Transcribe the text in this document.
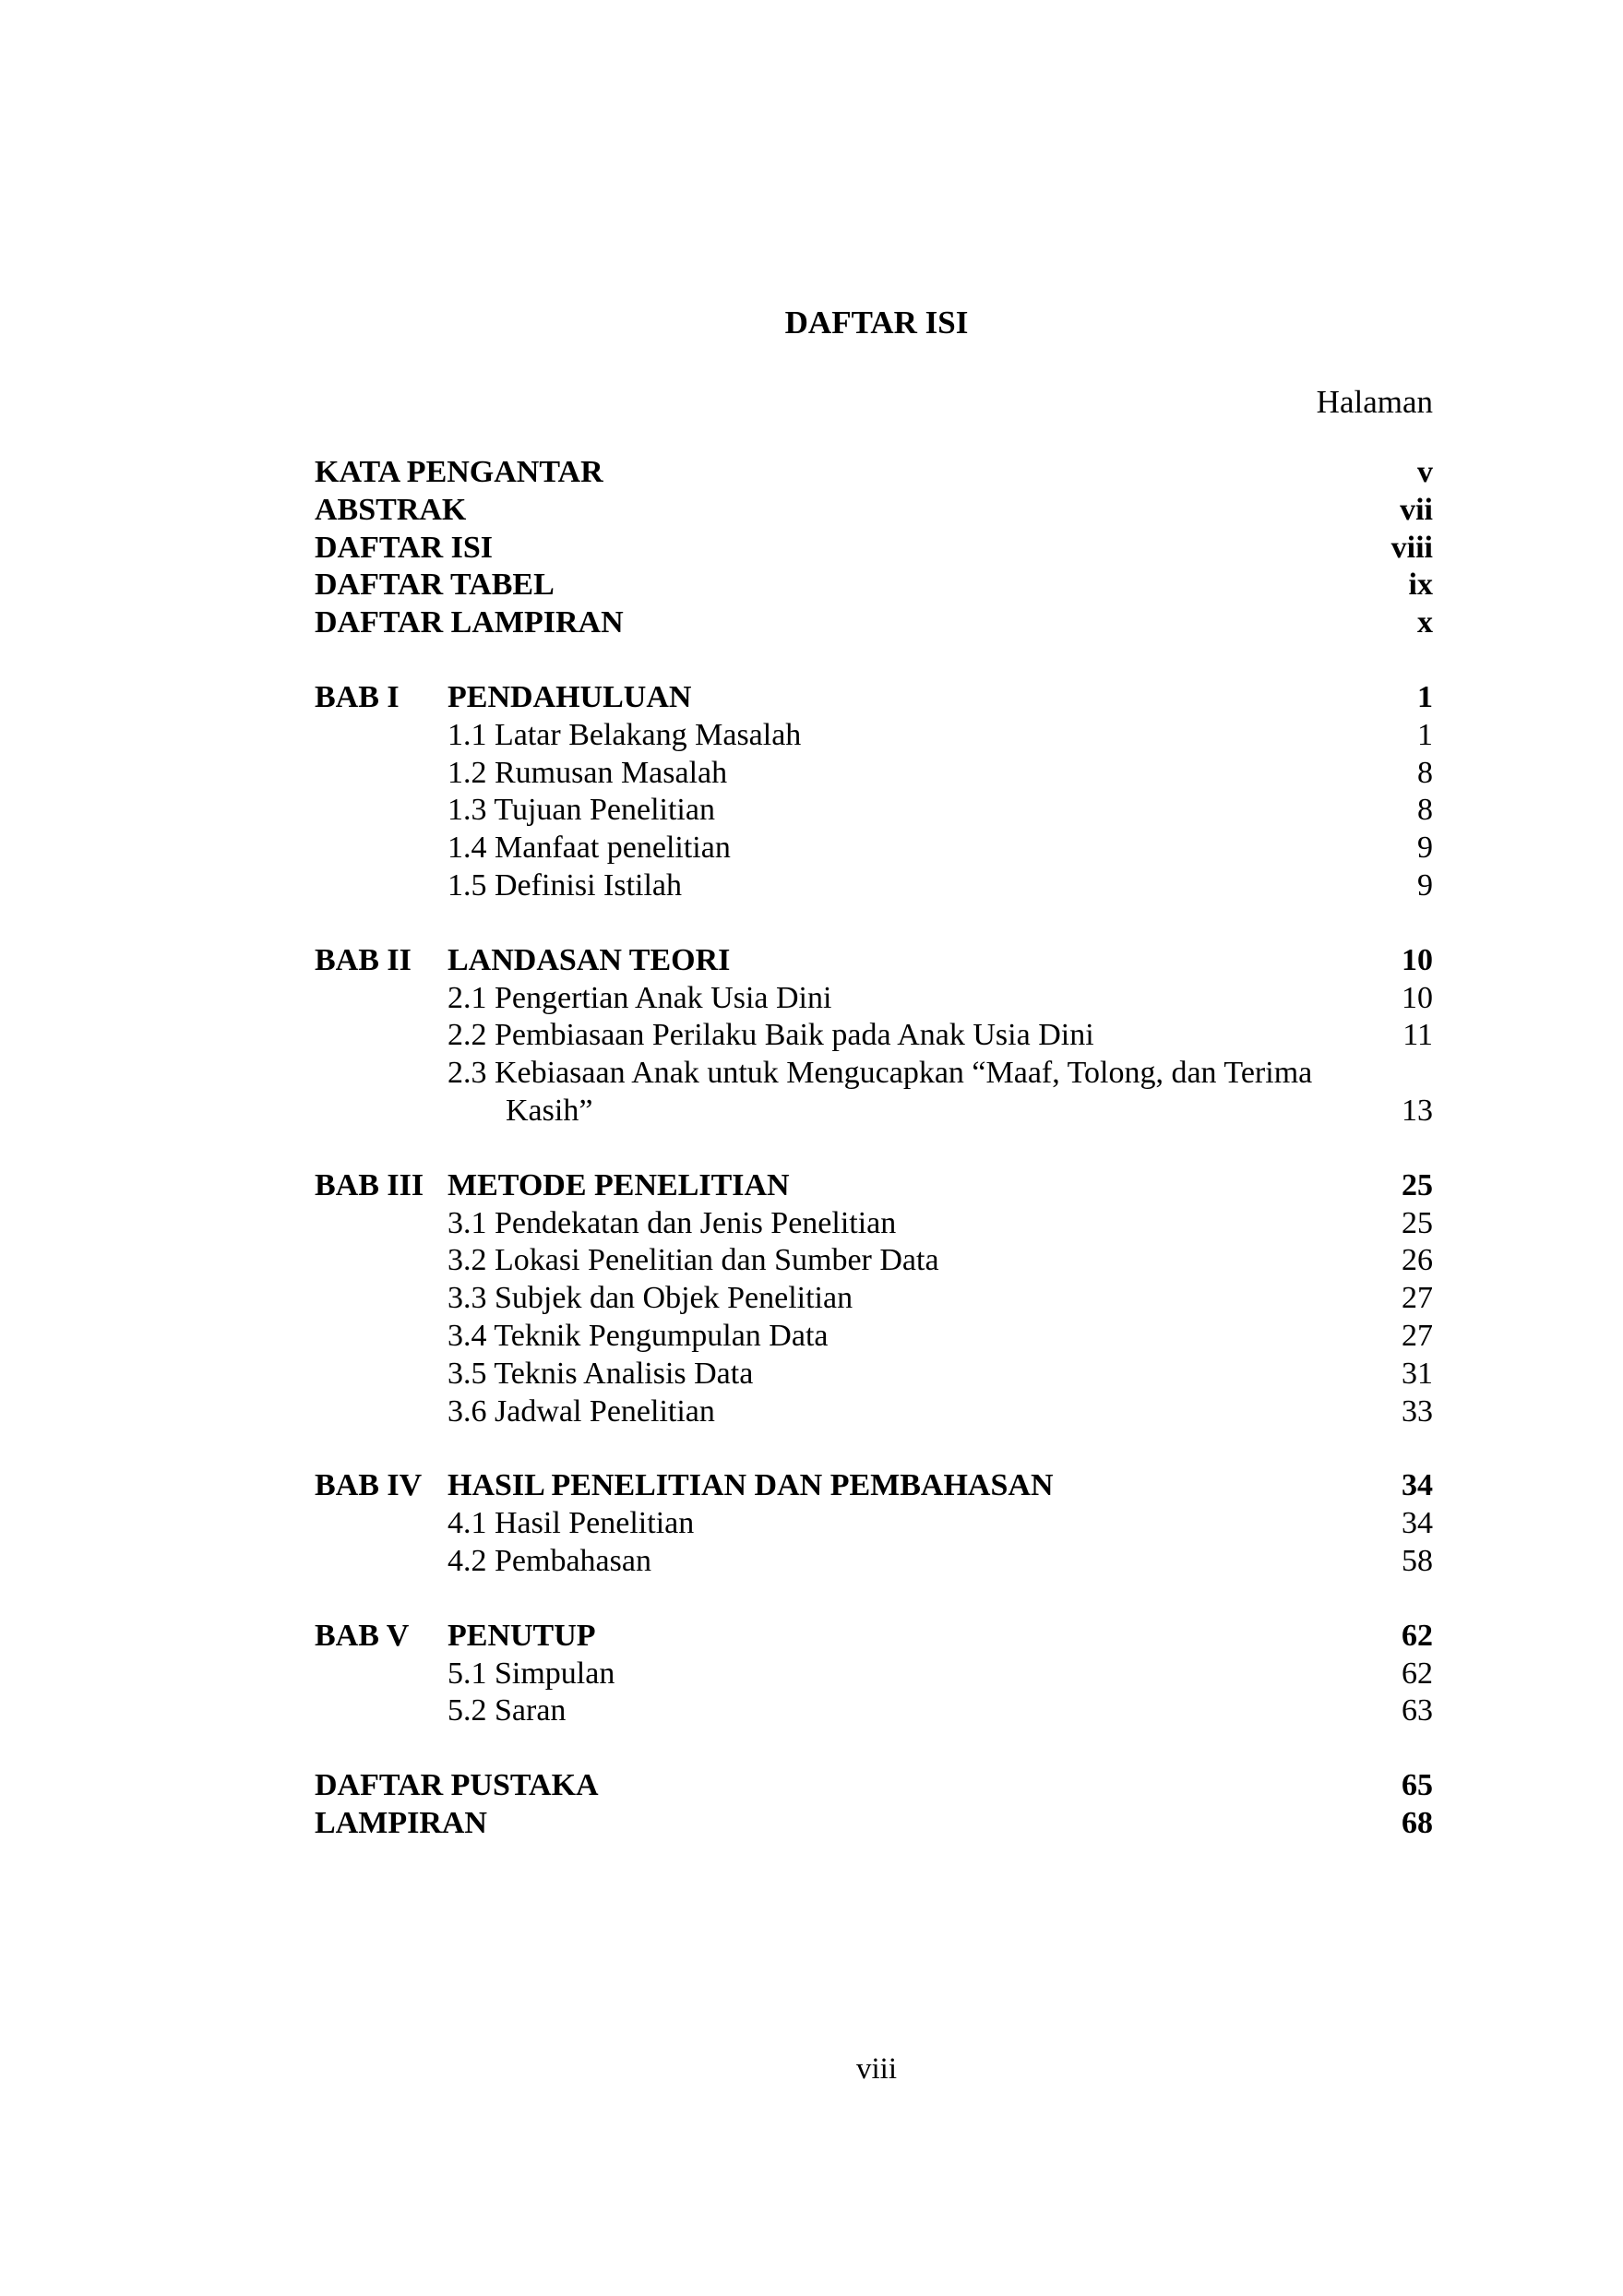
DAFTAR ISI
Halaman
KATA PENGANTAR .....	v
ABSTRAK .....	vii
DAFTAR ISI .....	viii
DAFTAR TABEL .....	ix
DAFTAR LAMPIRAN .....	x
BAB I PENDAHULUAN .....	1
1.1 Latar Belakang Masalah .....	1
1.2 Rumusan Masalah .....	8
1.3 Tujuan Penelitian .....	8
1.4 Manfaat penelitian .....	9
1.5 Definisi Istilah .....	9
BAB II LANDASAN TEORI .....	10
2.1 Pengertian Anak Usia Dini .....	10
2.2 Pembiasaan Perilaku Baik pada Anak Usia Dini .....	11
2.3 Kebiasaan Anak untuk Mengucapkan “Maaf, Tolong, dan Terima
Kasih” .....	13
BAB III METODE PENELITIAN .....	25
3.1 Pendekatan dan Jenis Penelitian .....	25
3.2 Lokasi Penelitian dan Sumber Data .....	26
3.3 Subjek dan Objek Penelitian .....	27
3.4 Teknik Pengumpulan Data .....	27
3.5 Teknis Analisis Data .....	31
3.6 Jadwal Penelitian .....	33
BAB IV HASIL PENELITIAN DAN PEMBAHASAN .....	34
4.1 Hasil Penelitian .....	34
4.2 Pembahasan .....	58
BAB V PENUTUP .....	62
5.1 Simpulan .....	62
5.2 Saran .....	63
DAFTAR PUSTAKA .....	65
LAMPIRAN .....	68
viii
